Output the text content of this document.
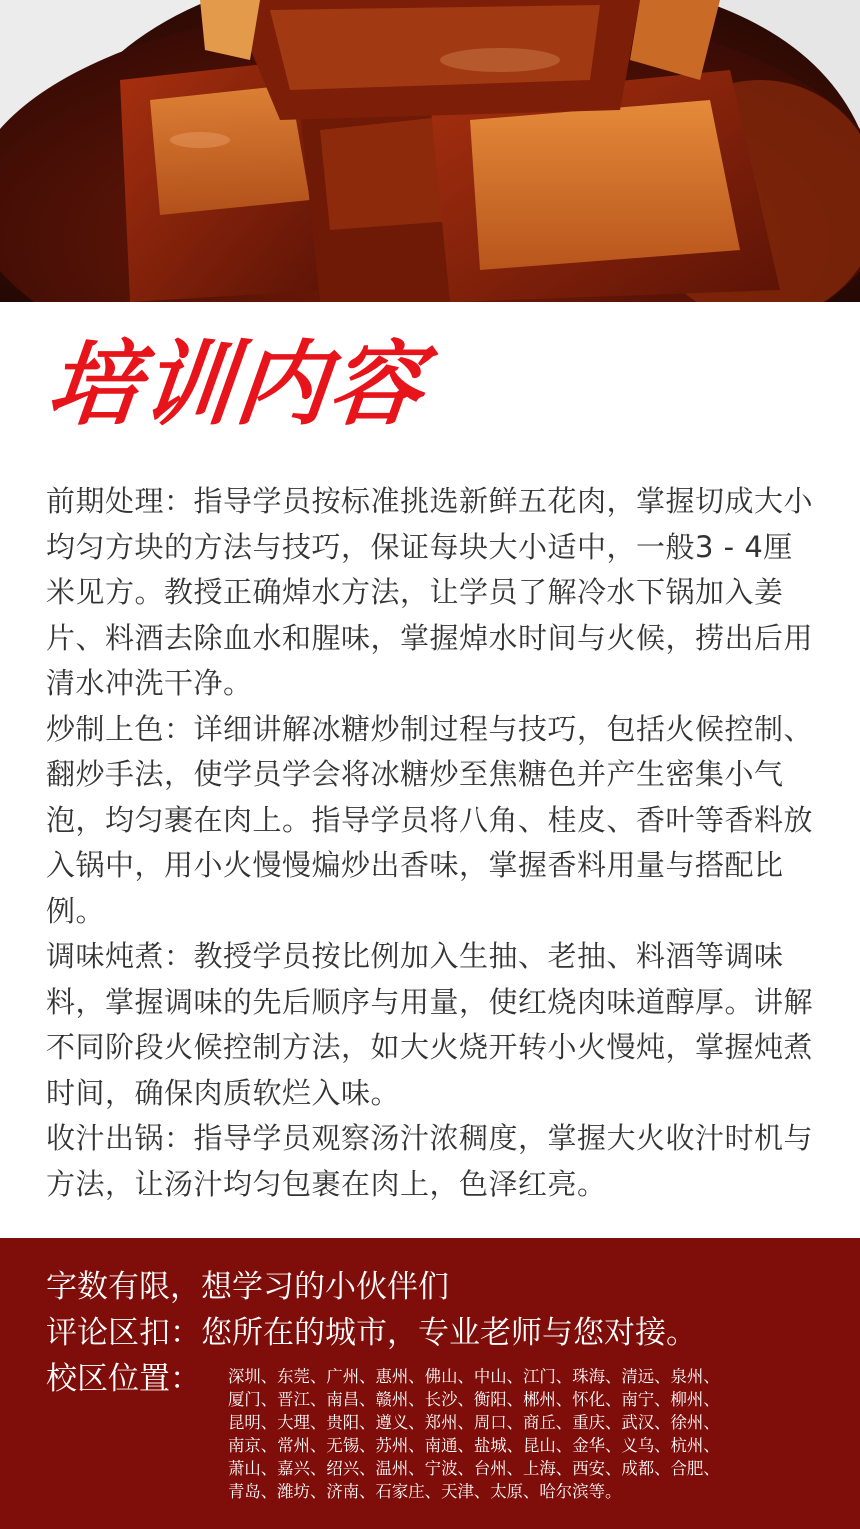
培训内容

前期处理：指导学员按标准挑选新鲜五花肉，掌握切成大小均匀方块的方法与技巧，保证每块大小适中，一般3 - 4厘米见方。教授正确焯水方法，让学员了解冷水下锅加入姜片、料酒去除血水和腥味，掌握焯水时间与火候，捞出后用清水冲洗干净。

炒制上色：详细讲解冰糖炒制过程与技巧，包括火候控制、翻炒手法，使学员学会将冰糖炒至焦糖色并产生密集小气泡，均匀裹在肉上。指导学员将八角、桂皮、香叶等香料放入锅中，用小火慢慢煸炒出香味，掌握香料用量与搭配比例。

调味炖煮：教授学员按比例加入生抽、老抽、料酒等调味料，掌握调味的先后顺序与用量，使红烧肉味道醇厚。讲解不同阶段火候控制方法，如大火烧开转小火慢炖，掌握炖煮时间，确保肉质软烂入味。

收汁出锅：指导学员观察汤汁浓稠度，掌握大火收汁时机与方法，让汤汁均匀包裹在肉上，色泽红亮。

字数有限，想学习的小伙伴们
评论区扣：您所在的城市，专业老师与您对接。
校区位置： 深圳、东莞、广州、惠州、佛山、中山、江门、珠海、清远、泉州、
厦门、晋江、南昌、赣州、长沙、衡阳、郴州、怀化、南宁、柳州、
昆明、大理、贵阳、遵义、郑州、周口、商丘、重庆、武汉、徐州、
南京、常州、无锡、苏州、南通、盐城、昆山、金华、义乌、杭州、
萧山、嘉兴、绍兴、温州、宁波、台州、上海、西安、成都、合肥、
青岛、潍坊、济南、石家庄、天津、太原、哈尔滨等。
